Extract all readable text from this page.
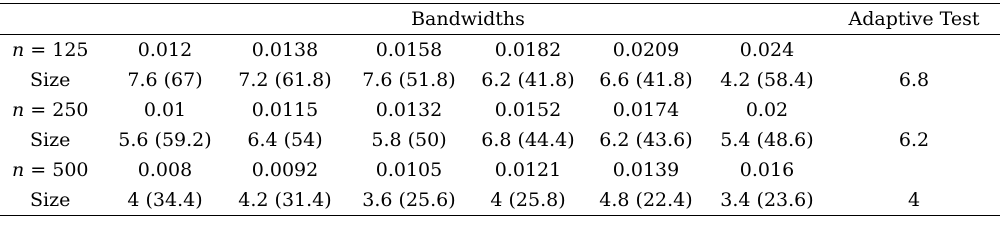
	Bandwidths						Adaptive Test
n = 125	0.012	0.0138	0.0158	0.0182	0.0209	0.024	
Size	7.6 (67)	7.2 (61.8)	7.6 (51.8)	6.2 (41.8)	6.6 (41.8)	4.2 (58.4)	6.8
n = 250	0.01	0.0115	0.0132	0.0152	0.0174	0.02	
Size	5.6 (59.2)	6.4 (54)	5.8 (50)	6.8 (44.4)	6.2 (43.6)	5.4 (48.6)	6.2
n = 500	0.008	0.0092	0.0105	0.0121	0.0139	0.016	
Size	4 (34.4)	4.2 (31.4)	3.6 (25.6)	4 (25.8)	4.8 (22.4)	3.4 (23.6)	4
